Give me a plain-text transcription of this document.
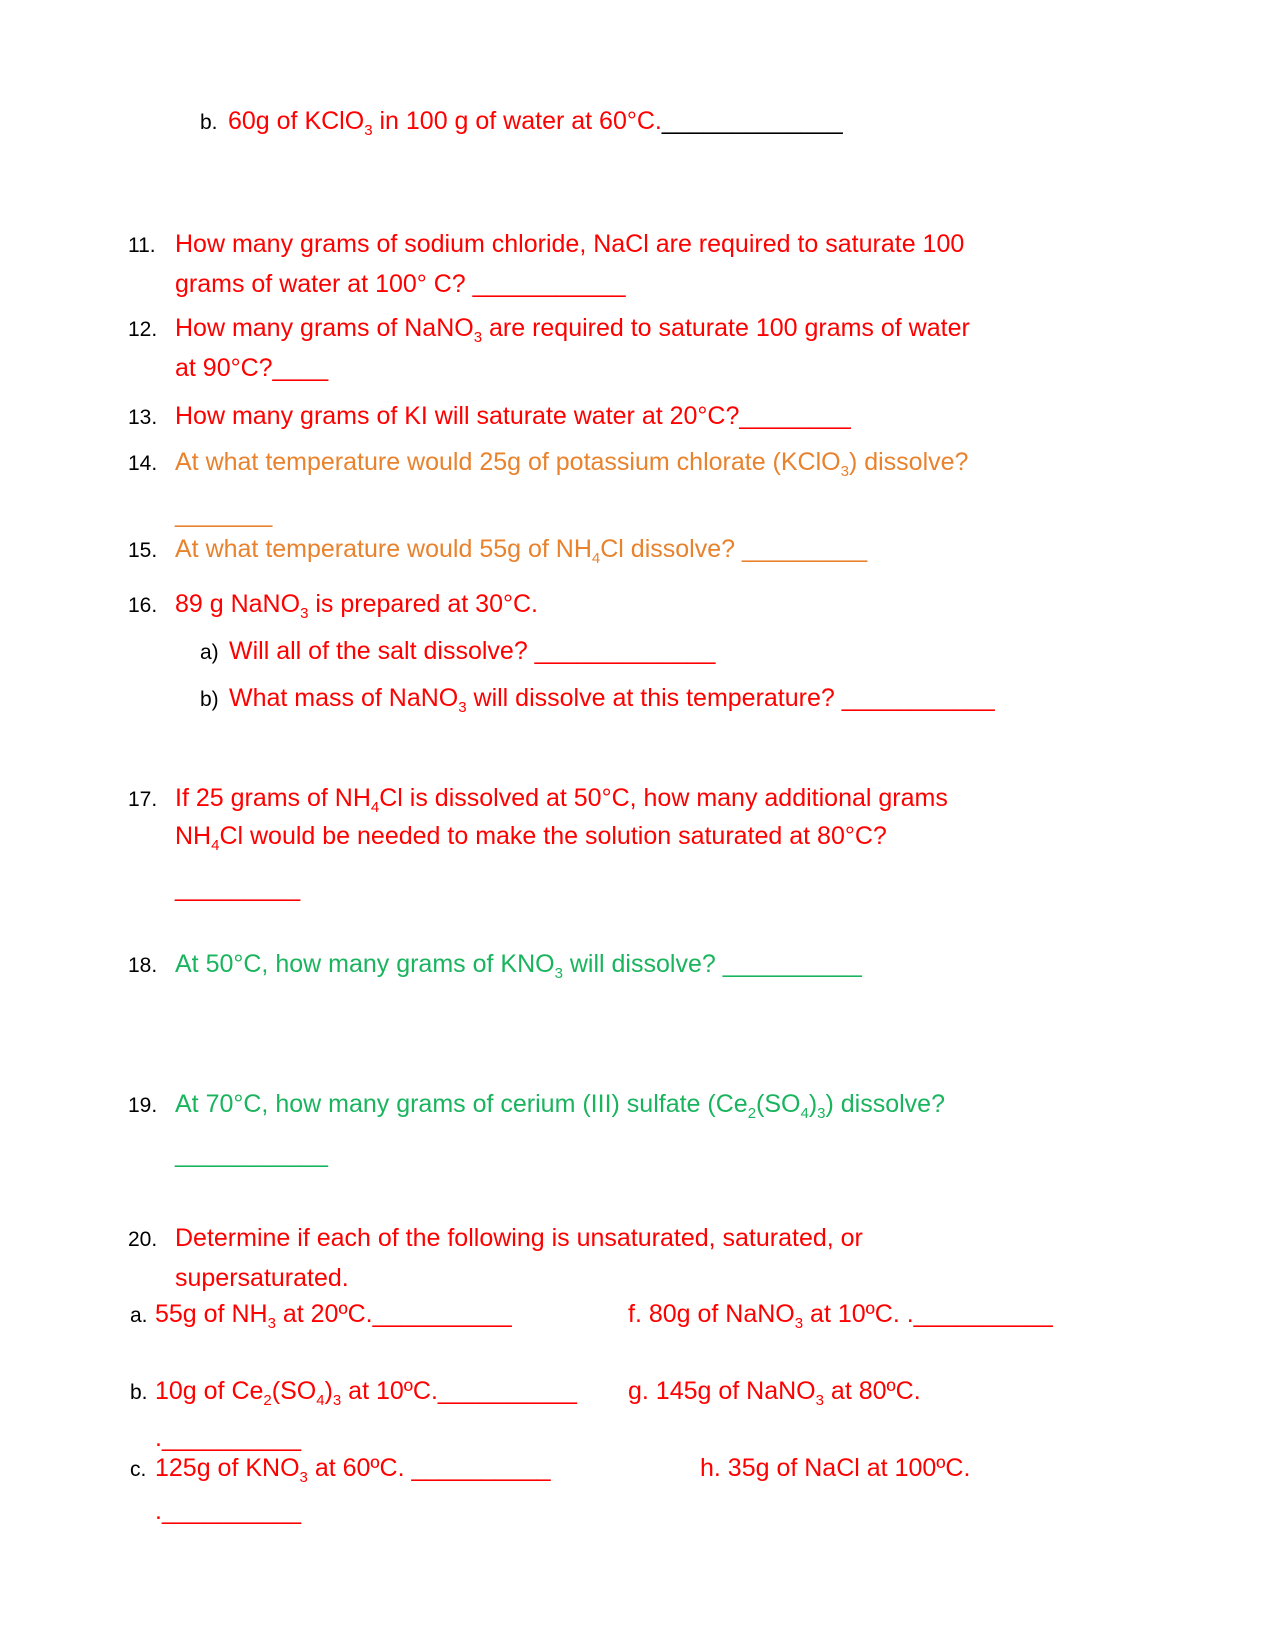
b. 60g of KClO$_3$ in 100 g of water at 60°C._____________
11. How many grams of sodium chloride, NaCl are required to saturate 100
grams of water at 100° C? ___________
12. How many grams of NaNO$_3$ are required to saturate 100 grams of water
at 90°C?____
13. How many grams of KI will saturate water at 20°C?________
14. At what temperature would 25g of potassium chlorate (KClO$_3$) dissolve?
_______
15. At what temperature would 55g of $NH_4Cl$ dissolve? _________
16. 89 g NaNO$_3$ is prepared at 30°C.
a) Will all of the salt dissolve? _____________
b) What mass of NaNO$_3$ will dissolve at this temperature? ___________
17. If 25 grams of $NH_4Cl$ is dissolved at 50°C, how many additional grams
$NH_4Cl$ would be needed to make the solution saturated at 80°C?
_________
18. At 50°C, how many grams of $KNO_3$ will dissolve? __________
19. At 70°C, how many grams of cerium (III) sulfate $(Ce_2(SO_4)_3)$ dissolve?
___________
20. Determine if each of the following is unsaturated, saturated, or
supersaturated.
a. 55g of $NH_3$ at 20ºC.__________	f. 80g of NaNO$_3$ at 10ºC. .__________
b. 10g of $Ce_2(SO_4)_3$ at 10ºC.__________ g. 145g of NaNO$_3$ at 80ºC.
.__________
c. 125g of $KNO_3$ at 60ºC. __________	h. 35g of NaCl at 100ºC.
.__________
